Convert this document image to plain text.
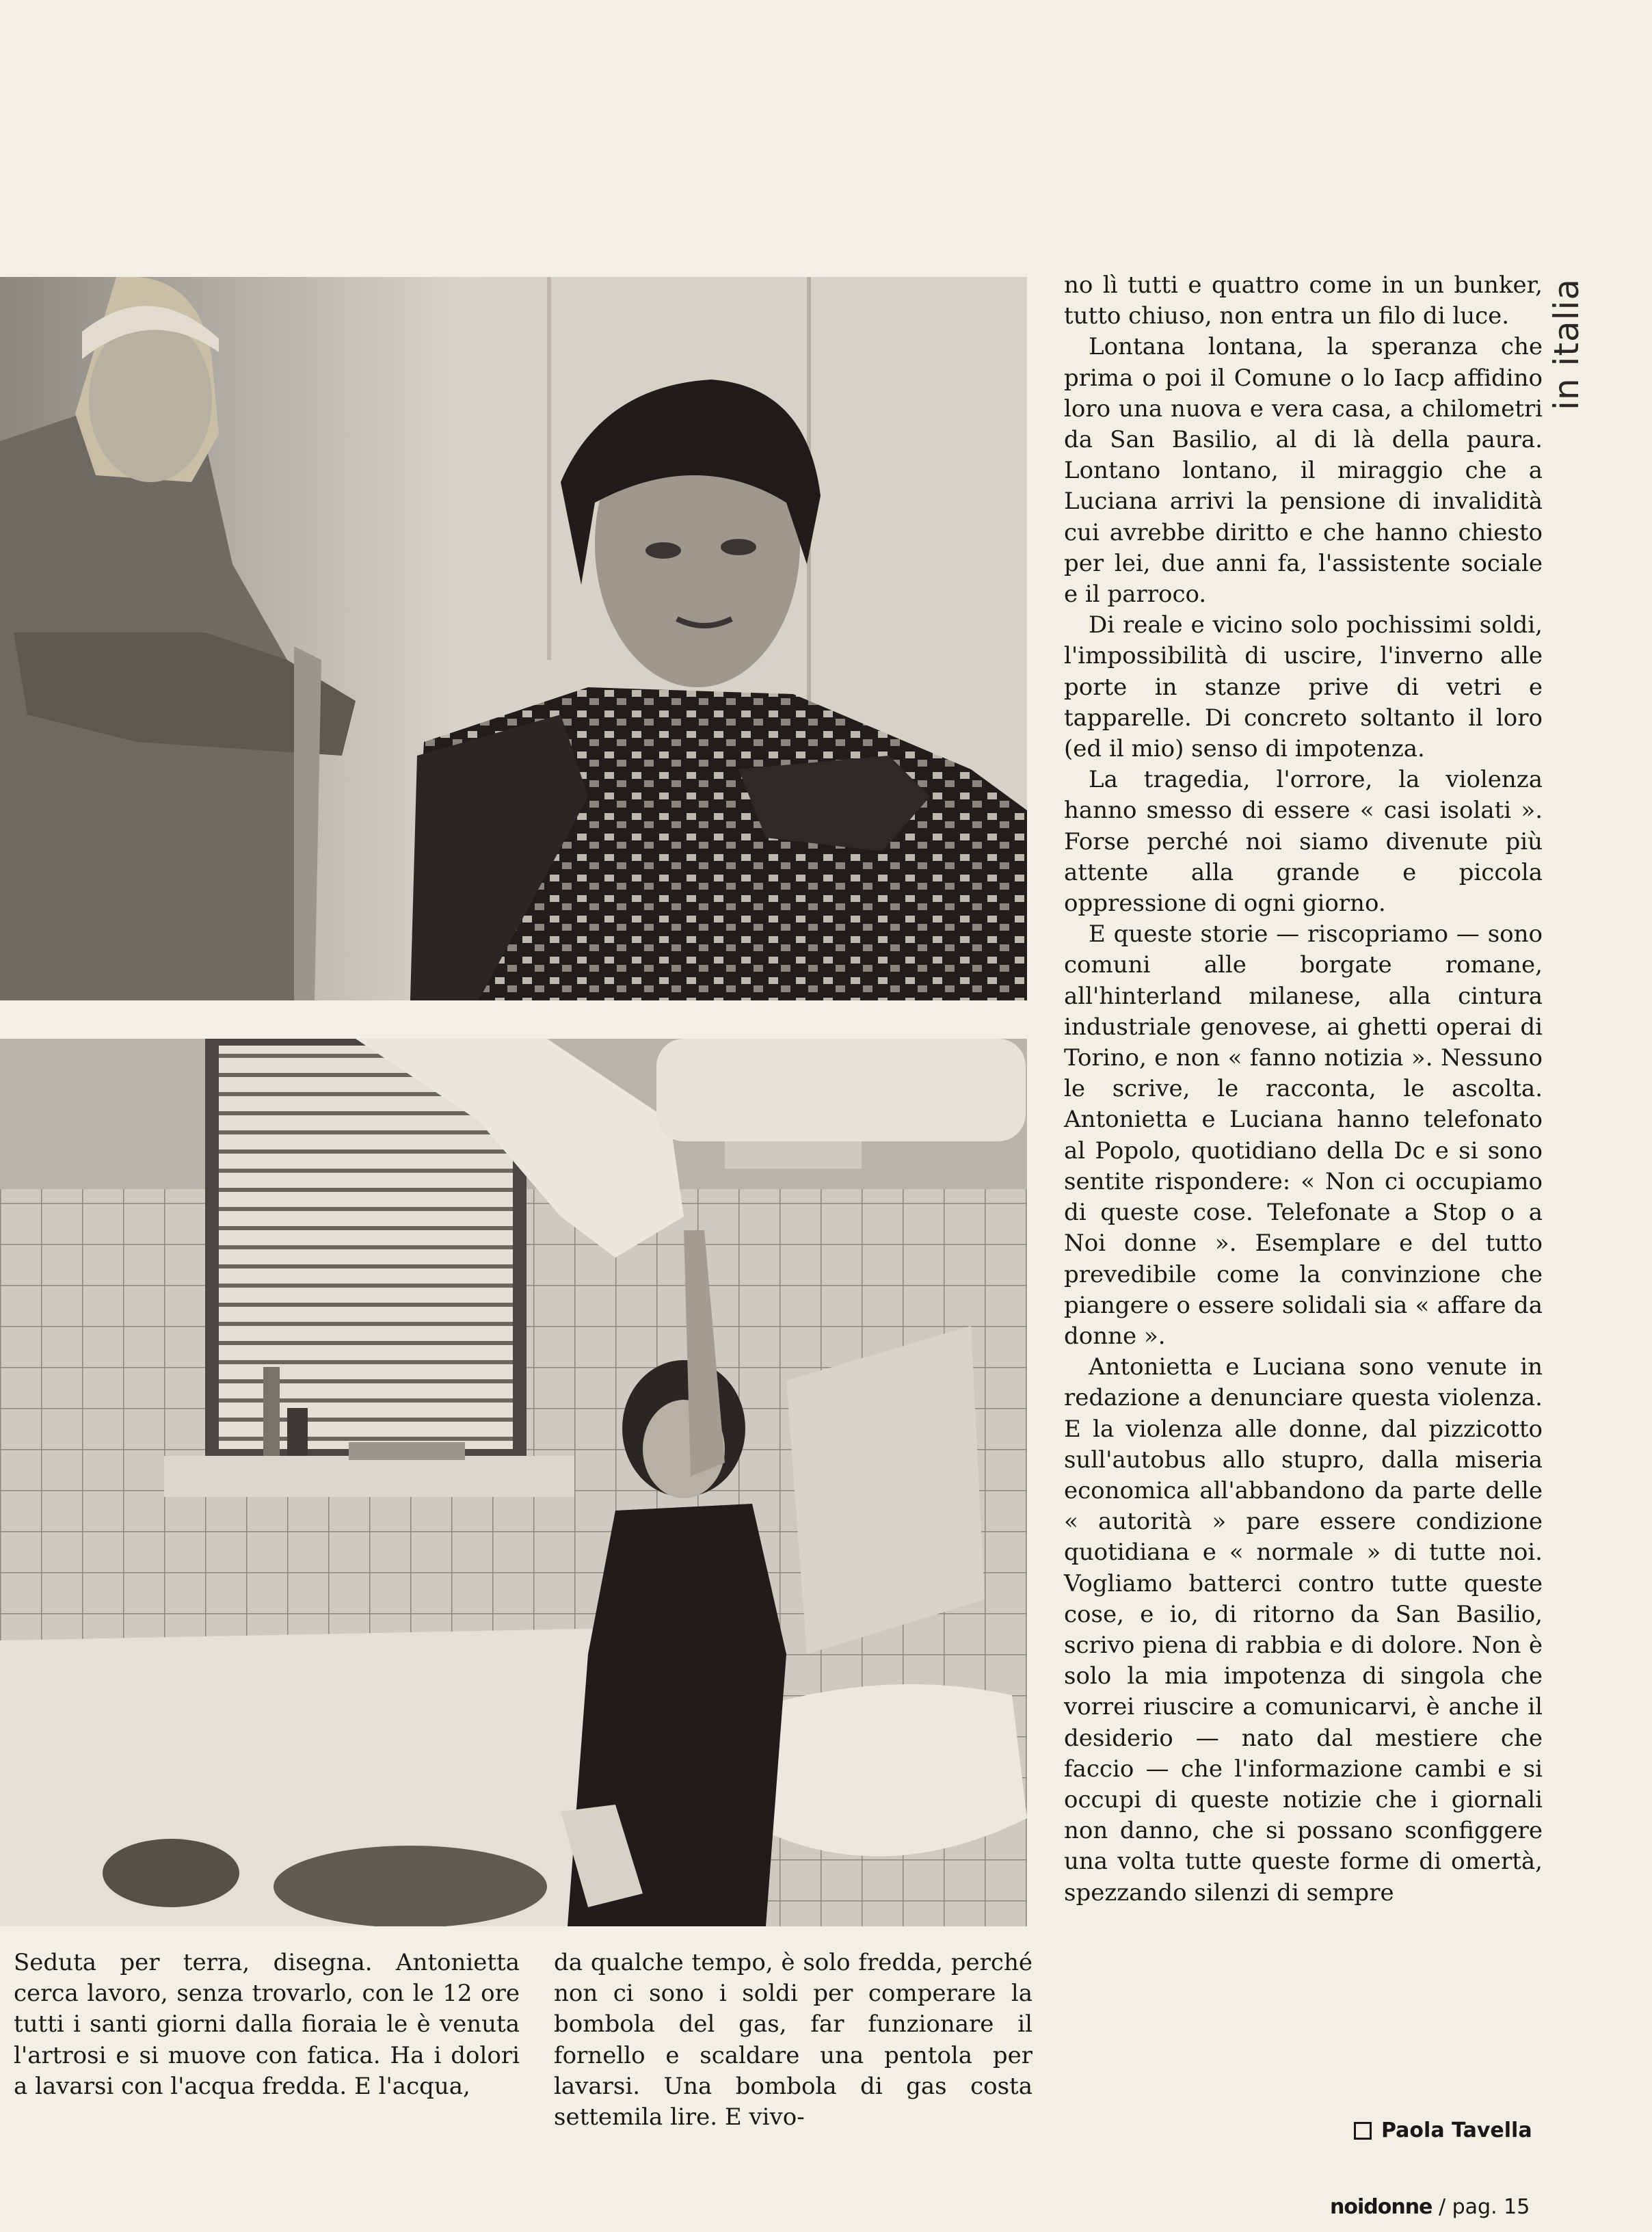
in italia

no lì tutti e quattro come in un bunker, tutto chiuso, non entra un filo di luce.

Lontana lontana, la speranza che prima o poi il Comune o lo Iacp affidino loro una nuova e vera casa, a chilometri da San Basilio, al di là della paura. Lontano lontano, il miraggio che a Luciana arrivi la pensione di invalidità cui avrebbe diritto e che hanno chiesto per lei, due anni fa, l'assistente sociale e il parroco.

Di reale e vicino solo pochissimi soldi, l'impossibilità di uscire, l'inverno alle porte in stanze prive di vetri e tapparelle. Di concreto soltanto il loro (ed il mio) senso di impotenza.

La tragedia, l'orrore, la violenza hanno smesso di essere « casi isolati ». Forse perché noi siamo divenute più attente alla grande e piccola oppressione di ogni giorno.

E queste storie — riscopriamo — sono comuni alle borgate romane, all'hinterland milanese, alla cintura industriale genovese, ai ghetti operai di Torino, e non « fanno notizia ». Nessuno le scrive, le racconta, le ascolta. Antonietta e Luciana hanno telefonato al Popolo, quotidiano della Dc e si sono sentite rispondere: « Non ci occupiamo di queste cose. Telefonate a Stop o a Noi donne ». Esemplare e del tutto prevedibile come la convinzione che piangere o essere solidali sia « affare da donne ».

Antonietta e Luciana sono venute in redazione a denunciare questa violenza. E la violenza alle donne, dal pizzicotto sull'autobus allo stupro, dalla miseria economica all'abbandono da parte delle « autorità » pare essere condizione quotidiana e « normale » di tutte noi. Vogliamo batterci contro tutte queste cose, e io, di ritorno da San Basilio, scrivo piena di rabbia e di dolore. Non è solo la mia impotenza di singola che vorrei riuscire a comunicarvi, è anche il desiderio — nato dal mestiere che faccio — che l'informazione cambi e si occupi di queste notizie che i giornali non danno, che si possano sconfiggere una volta tutte queste forme di omertà, spezzando silenzi di sempre

Seduta per terra, disegna. Antonietta cerca lavoro, senza trovarlo, con le 12 ore tutti i santi giorni dalla fioraia le è venuta l'artrosi e si muove con fatica. Ha i dolori a lavarsi con l'acqua fredda. E l'acqua,

da qualche tempo, è solo fredda, perché non ci sono i soldi per comperare la bombola del gas, far funzionare il fornello e scaldare una pentola per lavarsi. Una bombola di gas costa settemila lire. E vivo-	Paola Tavella
noidonne / pag. 15
